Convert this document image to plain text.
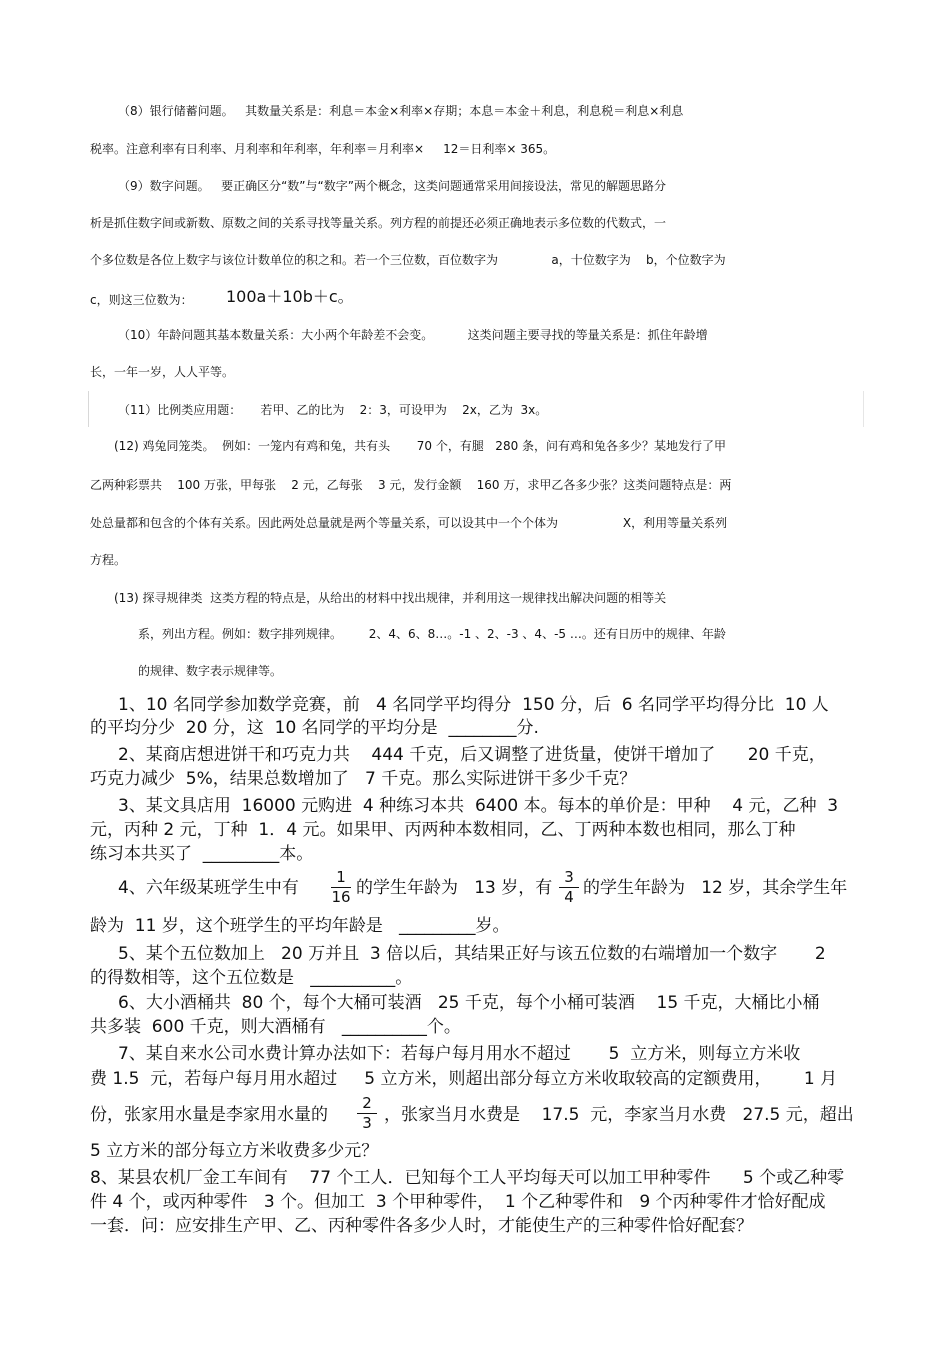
（8）银行储蓄问题。   其数量关系是：利息＝本金×利率×存期；本息＝本金＋利息，利息税＝利息×利息
税率。注意利率有日利率、月利率和年利率，年利率＝月利率×     12＝日利率× 365。
（9）数字问题。   要正确区分“数”与“数字”两个概念，这类问题通常采用间接设法，常见的解题思路分
析是抓住数字间或新数、原数之间的关系寻找等量关系。列方程的前提还必须正确地表示多位数的代数式，一
个多位数是各位上数字与该位计数单位的积之和。若一个三位数，百位数字为              a，十位数字为    b，个位数字为
c，则这三位数为： 100a＋10b＋c。
（10）年龄问题其基本数量关系：大小两个年龄差不会变。         这类问题主要寻找的等量关系是：抓住年龄增
长，一年一岁，人人平等。
（11）比例类应用题：     若甲、乙的比为    2：3，可设甲为    2x，乙为  3x。
(12) 鸡兔同笼类。  例如：一笼内有鸡和兔，共有头       70 个，有腿   280 条，问有鸡和兔各多少？某地发行了甲
乙两种彩票共    100 万张，甲每张    2 元，乙每张    3 元，发行金额    160 万，求甲乙各多少张？这类问题特点是：两
处总量都和包含的个体有关系。因此两处总量就是两个等量关系，可以设其中一个个体为                 X，利用等量关系列
方程。
(13) 探寻规律类  这类方程的特点是，从给出的材料中找出规律，并利用这一规律找出解决问题的相等关
系，列出方程。例如：数字排列规律。       2、4、6、8…。-1 、2、-3 、4、-5 …。还有日历中的规律、年龄
的规律、数字表示规律等。
1、10 名同学参加数学竞赛，前   4 名同学平均得分  150 分，后  6 名同学平均得分比  10 人
的平均分少  20 分，这  10 名同学的平均分是  ________分.
2、某商店想进饼干和巧克力共    444 千克，后又调整了进货量，使饼干增加了      20 千克，
巧克力减少  5%，结果总数增加了   7 千克。那么实际进饼干多少千克？
3、某文具店用  16000 元购进  4 种练习本共  6400 本。每本的单价是：甲种    4 元，乙种  3
元，丙种 2 元，丁种  1．4 元。如果甲、丙两种本数相同，乙、丁两种本数也相同，那么丁种
练习本共买了  _________本。
4、六年级某班学生中有
1
16 的学生年龄为   13 岁，有
3
4 的学生年龄为   12 岁，其余学生年
龄为  11 岁，这个班学生的平均年龄是   _________岁。
5、某个五位数加上   20 万并且  3 倍以后，其结果正好与该五位数的右端增加一个数字       2
的得数相等，这个五位数是   __________。
6、大小酒桶共  80 个，每个大桶可装酒   25 千克，每个小桶可装酒    15 千克，大桶比小桶
共多装  600 千克，则大酒桶有   __________个。
7、某自来水公司水费计算办法如下：若每户每月用水不超过       5  立方米，则每立方米收
费 1.5  元，若每户每月用水超过     5 立方米，则超出部分每立方米收取较高的定额费用，      1 月
份，张家用水量是李家用水量的
2
3 ，张家当月水费是    17.5  元，李家当月水费   27.5 元，超出
5 立方米的部分每立方米收费多少元？
8、某县农机厂金工车间有    77 个工人．已知每个工人平均每天可以加工甲种零件      5 个或乙种零
件 4 个，或丙种零件   3 个。但加工  3 个甲种零件，  1 个乙种零件和   9 个丙种零件才恰好配成
一套．问：应安排生产甲、乙、丙种零件各多少人时，才能使生产的三种零件恰好配套？
